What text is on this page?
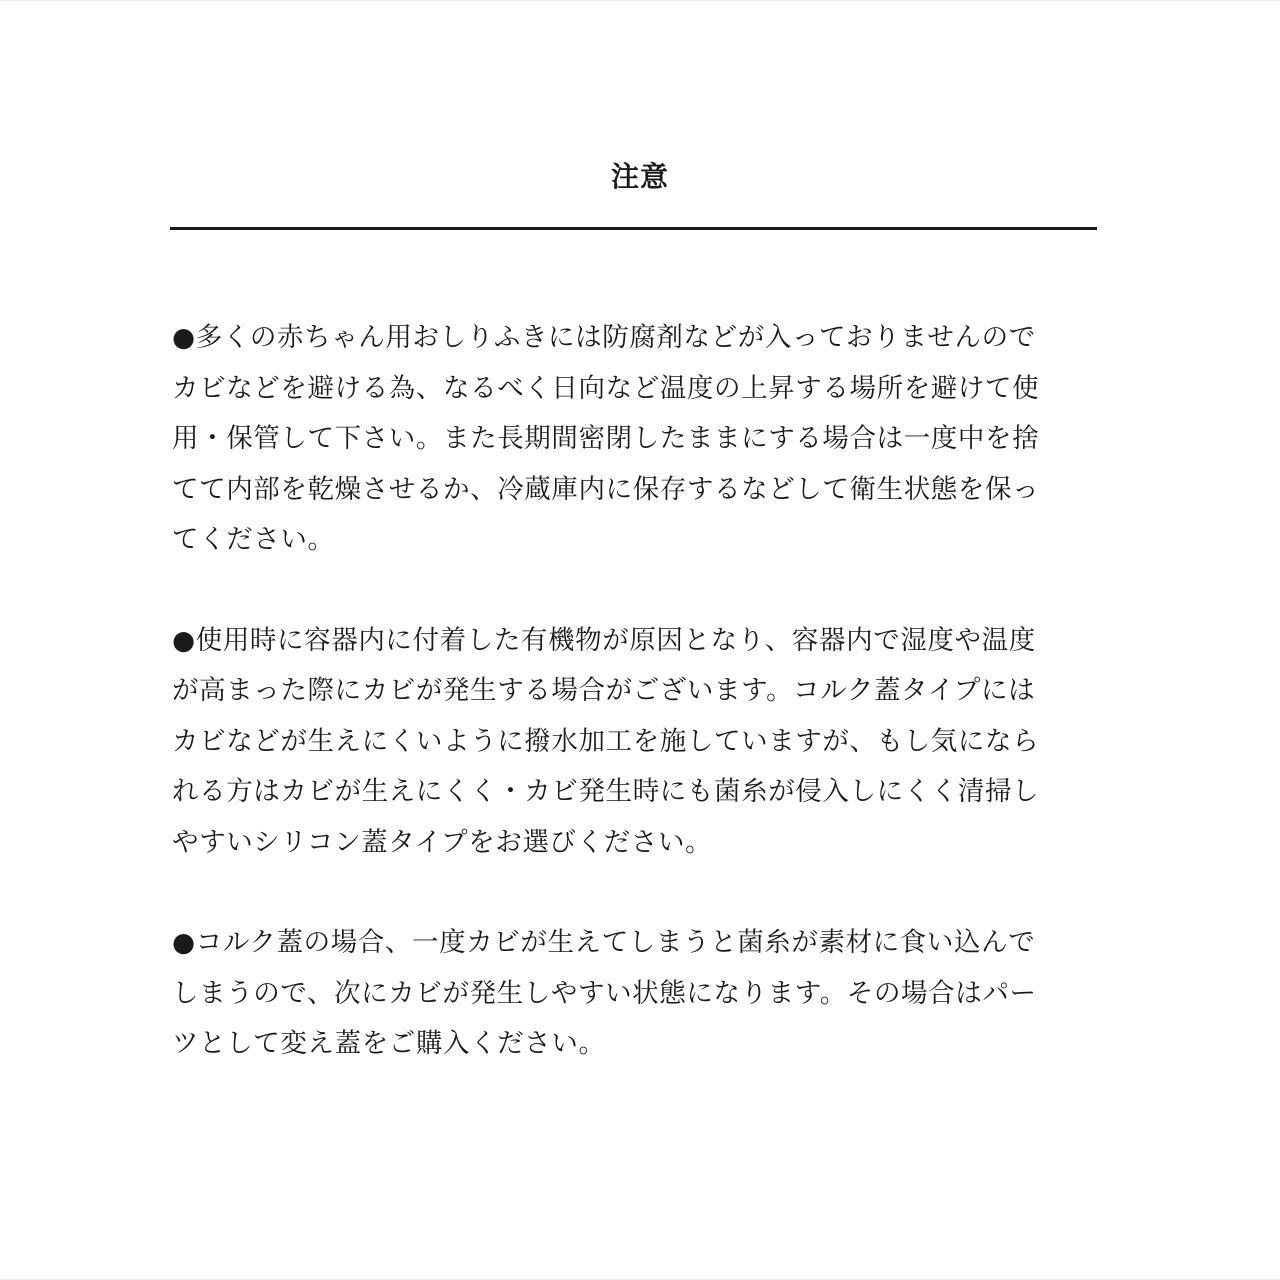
注意
●多くの赤ちゃん用おしりふきには防腐剤などが入っておりませんので
カビなどを避ける為、なるべく日向など温度の上昇する場所を避けて使
用・保管して下さい。また長期間密閉したままにする場合は一度中を捨
てて内部を乾燥させるか、冷蔵庫内に保存するなどして衛生状態を保っ
てください。
●使用時に容器内に付着した有機物が原因となり、容器内で湿度や温度
が高まった際にカビが発生する場合がございます。コルク蓋タイプには
カビなどが生えにくいように撥水加工を施していますが、もし気になら
れる方はカビが生えにくく・カビ発生時にも菌糸が侵入しにくく清掃し
やすいシリコン蓋タイプをお選びください。
●コルク蓋の場合、一度カビが生えてしまうと菌糸が素材に食い込んで
しまうので、次にカビが発生しやすい状態になります。その場合はパー
ツとして変え蓋をご購入ください。
